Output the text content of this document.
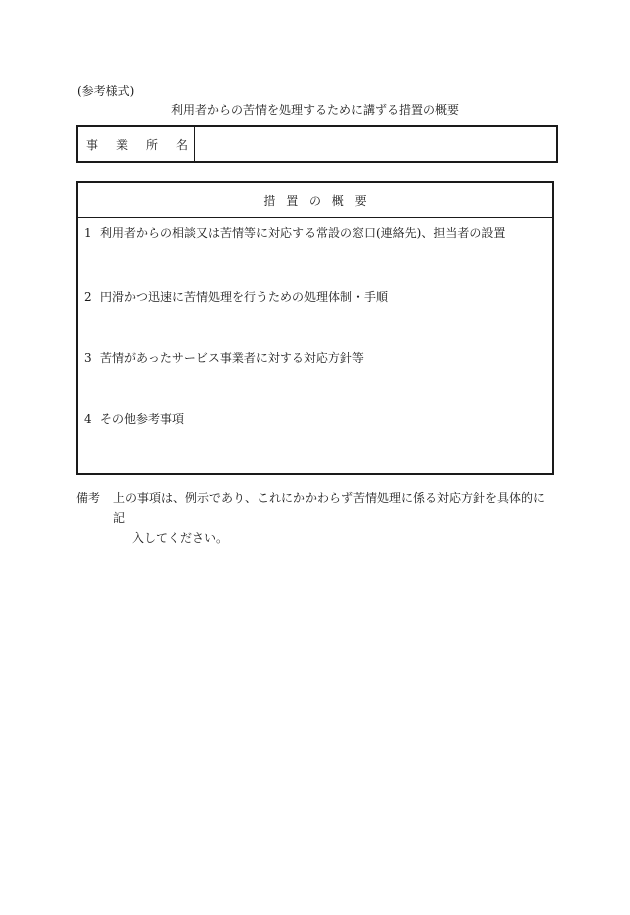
(参考様式)
利用者からの苦情を処理するために講ずる措置の概要
事 業 所 名
措置の概要
1 利用者からの相談又は苦情等に対応する常設の窓口(連絡先)、担当者の設置
2 円滑かつ迅速に苦情処理を行うための処理体制・手順
3 苦情があったサービス事業者に対する対応方針等
4 その他参考事項
備考 上の事項は、例示であり、これにかかわらず苦情処理に係る対応方針を具体的に記
入してください。
